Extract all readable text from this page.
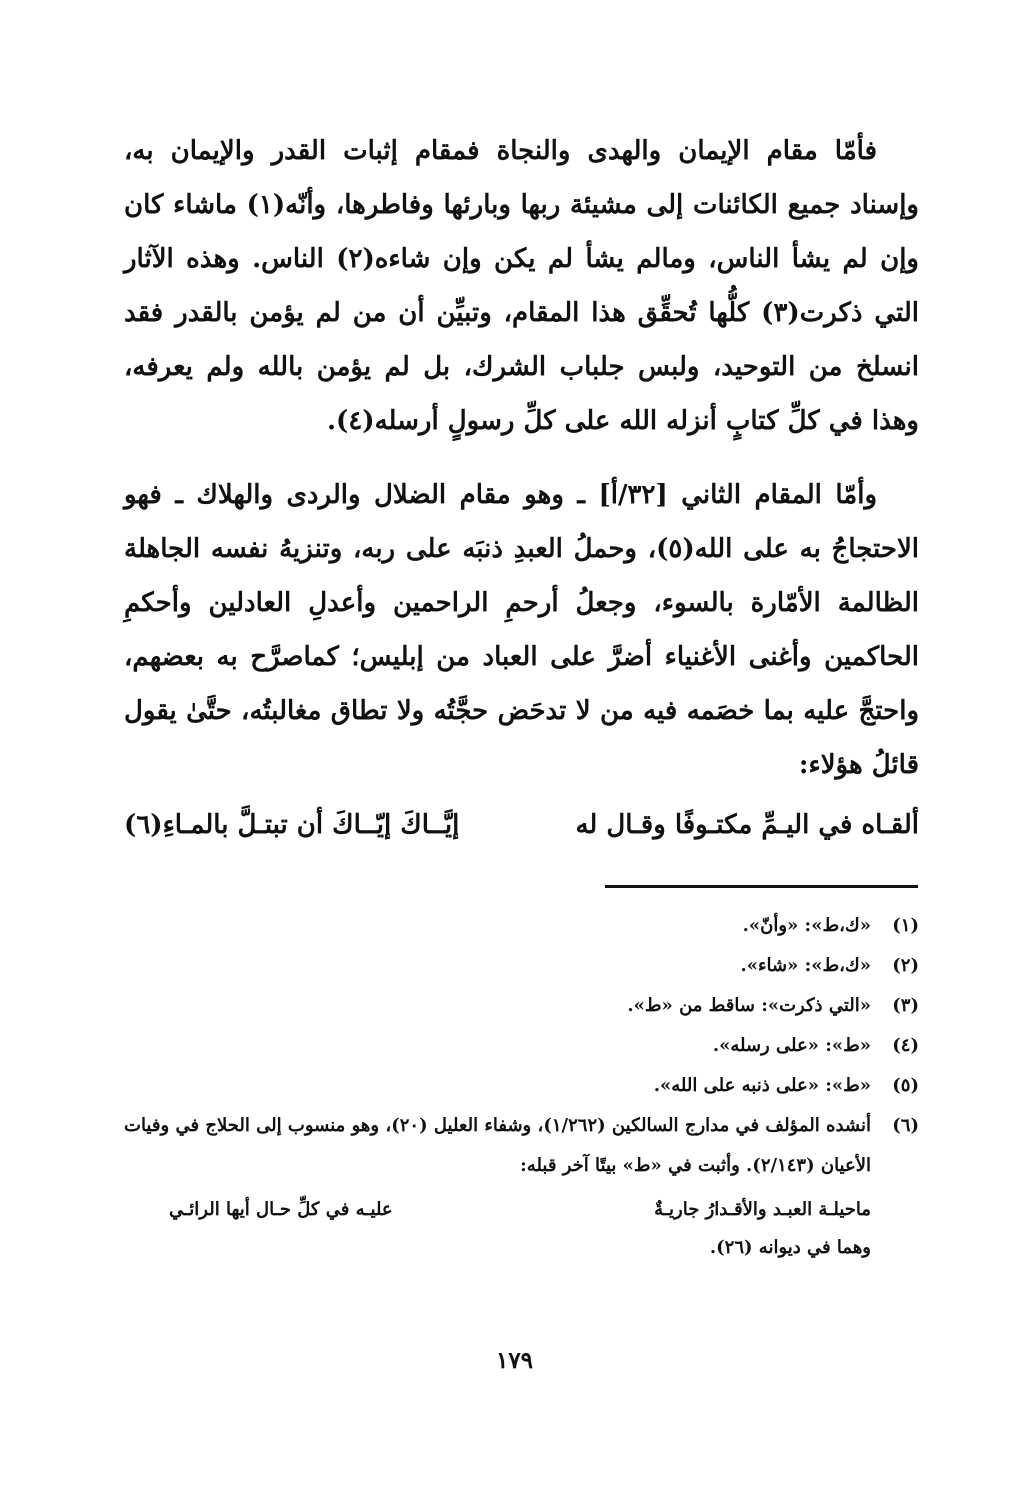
فأمّا مقام الإيمان والهدى والنجاة فمقام إثبات القدر والإيمان به، وإسناد جميع الكائنات إلى مشيئة ربها وبارئها وفاطرها، وأنّه(١) ماشاء كان وإن لم يشأ الناس، ومالم يشأ لم يكن وإن شاءه(٢) الناس. وهذه الآثار التي ذكرت(٣) كلُّها تُحقِّق هذا المقام، وتبيِّن أن من لم يؤمن بالقدر فقد انسلخ من التوحيد، ولبس جلباب الشرك، بل لم يؤمن بالله ولم يعرفه، وهذا في كلِّ كتابٍ أنزله الله على كلِّ رسولٍ أرسله(٤).

وأمّا المقام الثاني [٣٢/أ] ـ وهو مقام الضلال والردى والهلاك ـ فهو الاحتجاجُ به على الله(٥)، وحملُ العبدِ ذنبَه على ربه، وتنزيهُ نفسه الجاهلة الظالمة الأمّارة بالسوء، وجعلُ أرحمِ الراحمين وأعدلِ العادلين وأحكمِ الحاكمين وأغنى الأغنياء أضرَّ على العباد من إبليس؛ كماصرَّح به بعضهم، واحتجَّ عليه بما خصَمه فيه من لا تدحَض حجَّتُه ولا تطاق مغالبتُه، حتَّىٰ يقول قائلُ هؤلاء:

ألقـاه في اليـمِّ مكتـوفًا وقـال له
إيَّــاكَ إيّــاكَ أن تبتـلَّ بالمـاءِ(٦)
(١)
«ك،ط»: «وأنّ».
(٢)
«ك،ط»: «شاء».
(٣)
«التي ذكرت»: ساقط من «ط».
(٤)
«ط»: «على رسله».
(٥)
«ط»: «على ذنبه على الله».
(٦)
أنشده المؤلف في مدارج السالكين (١/٢٦٢)، وشفاء العليل (٢٠)، وهو منسوب إلى الحلاج في وفيات الأعيان (٢/١٤٣). وأثبت في «ط» بيتًا آخر قبله:
ماحيلـة العبـد والأقـدارُ جاريـةٌ
عليـه في كلِّ حـال أيها الرائـي
وهما في ديوانه (٢٦).
١٧٩
